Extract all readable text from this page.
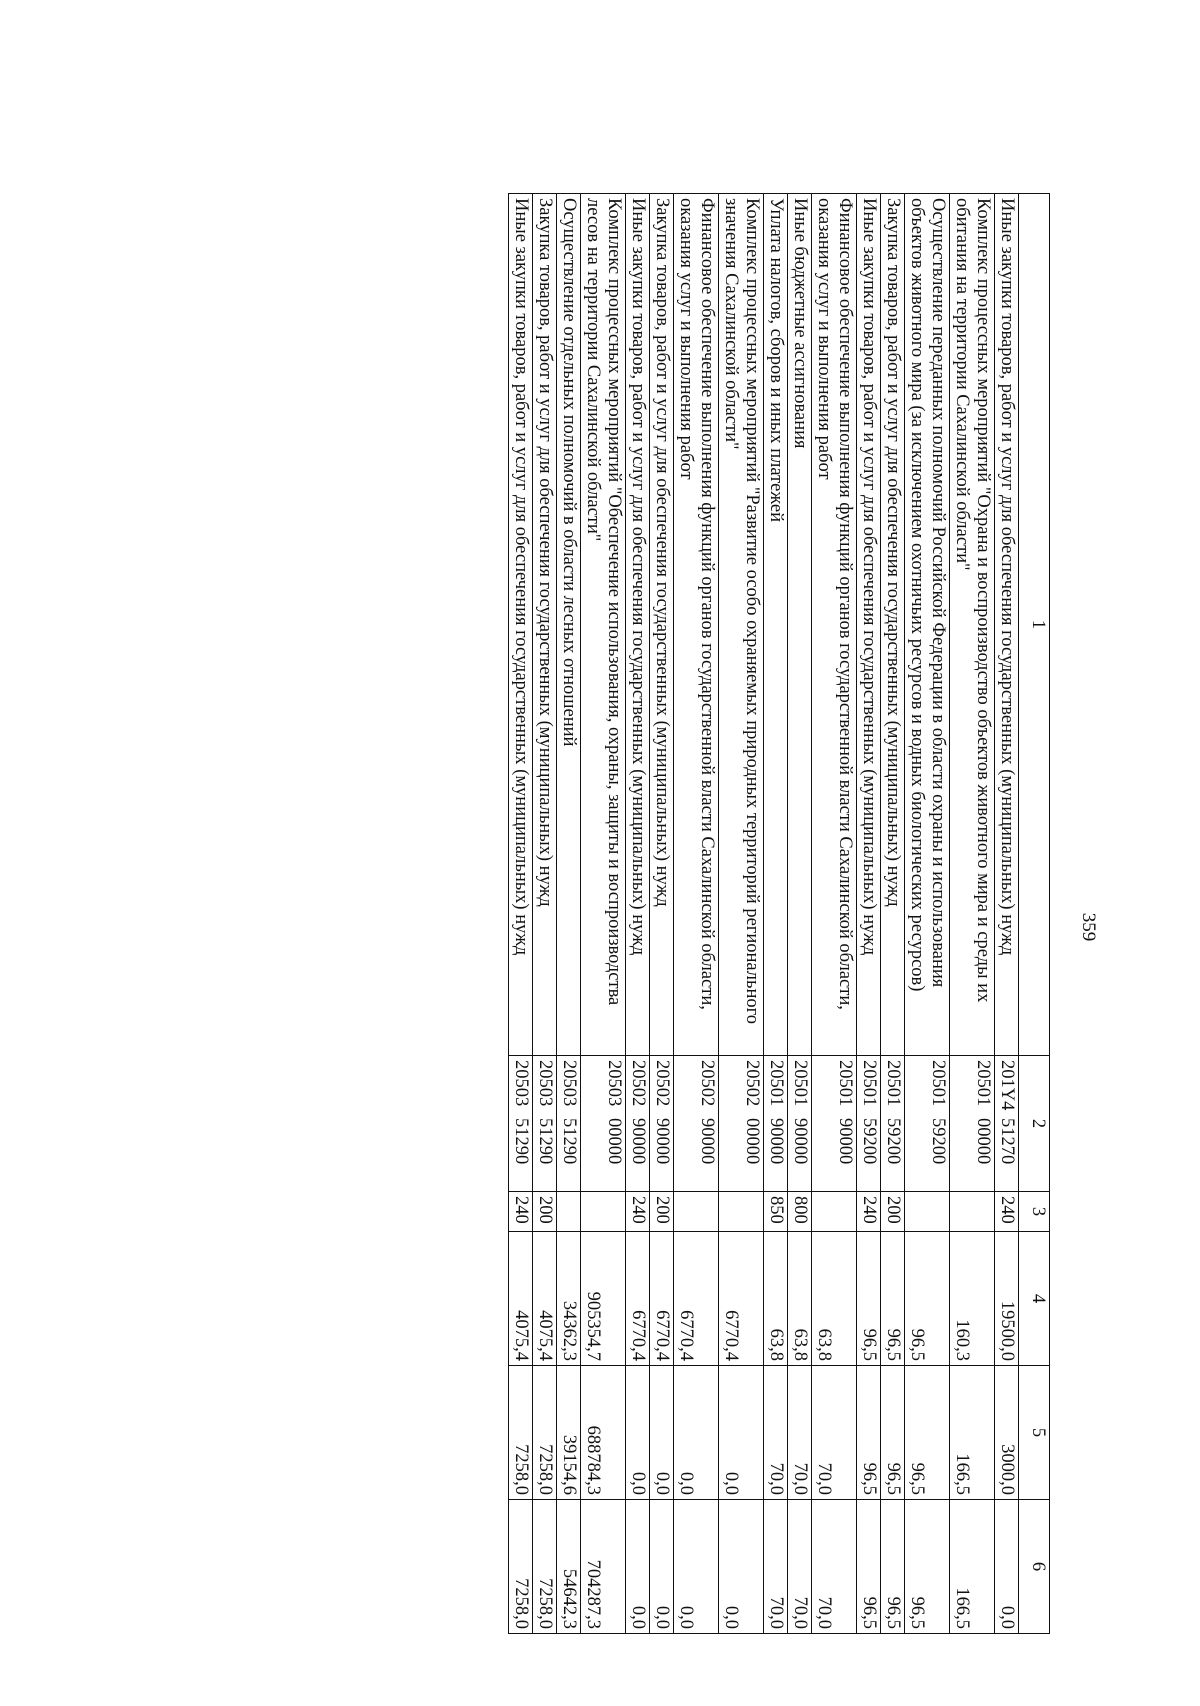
359
1	2	3	4	5	6
Иные закупки товаров, работ и услуг для обеспечения государственных (муниципальных) нужд	201Y451270	240	19500,0	3000,0	0,0
Комплекс процессных мероприятий "Охрана и воспроизводство объектов животного мира и среды их обитания на территории Сахалинской области"	2050100000		160,3	166,5	166,5
Осуществление переданных полномочий Российской Федерации в области охраны и использования объектов животного мира (за исключением охотничьих ресурсов и водных биологических ресурсов)	2050159200		96,5	96,5	96,5
Закупка товаров, работ и услуг для обеспечения государственных (муниципальных) нужд	2050159200	200	96,5	96,5	96,5
Иные закупки товаров, работ и услуг для обеспечения государственных (муниципальных) нужд	2050159200	240	96,5	96,5	96,5
Финансовое обеспечение выполнения функций органов государственной власти Сахалинской области, оказания услуг и выполнения работ	2050190000		63,8	70,0	70,0
Иные бюджетные ассигнования	2050190000	800	63,8	70,0	70,0
Уплата налогов, сборов и иных платежей	2050190000	850	63,8	70,0	70,0
Комплекс процессных мероприятий "Развитие особо охраняемых природных территорий регионального значения Сахалинской области"	2050200000		6770,4	0,0	0,0
Финансовое обеспечение выполнения функций органов государственной власти Сахалинской области, оказания услуг и выполнения работ	2050290000		6770,4	0,0	0,0
Закупка товаров, работ и услуг для обеспечения государственных (муниципальных) нужд	2050290000	200	6770,4	0,0	0,0
Иные закупки товаров, работ и услуг для обеспечения государственных (муниципальных) нужд	2050290000	240	6770,4	0,0	0,0
Комплекс процессных мероприятий "Обеспечение использования, охраны, защиты и воспроизводства лесов на территории Сахалинской области"	2050300000		905354,7	688784,3	704287,3
Осуществление отдельных полномочий в области лесных отношений	2050351290		34362,3	39154,6	54642,3
Закупка товаров, работ и услуг для обеспечения государственных (муниципальных) нужд	2050351290	200	4075,4	7258,0	7258,0
Иные закупки товаров, работ и услуг для обеспечения государственных (муниципальных) нужд	2050351290	240	4075,4	7258,0	7258,0
